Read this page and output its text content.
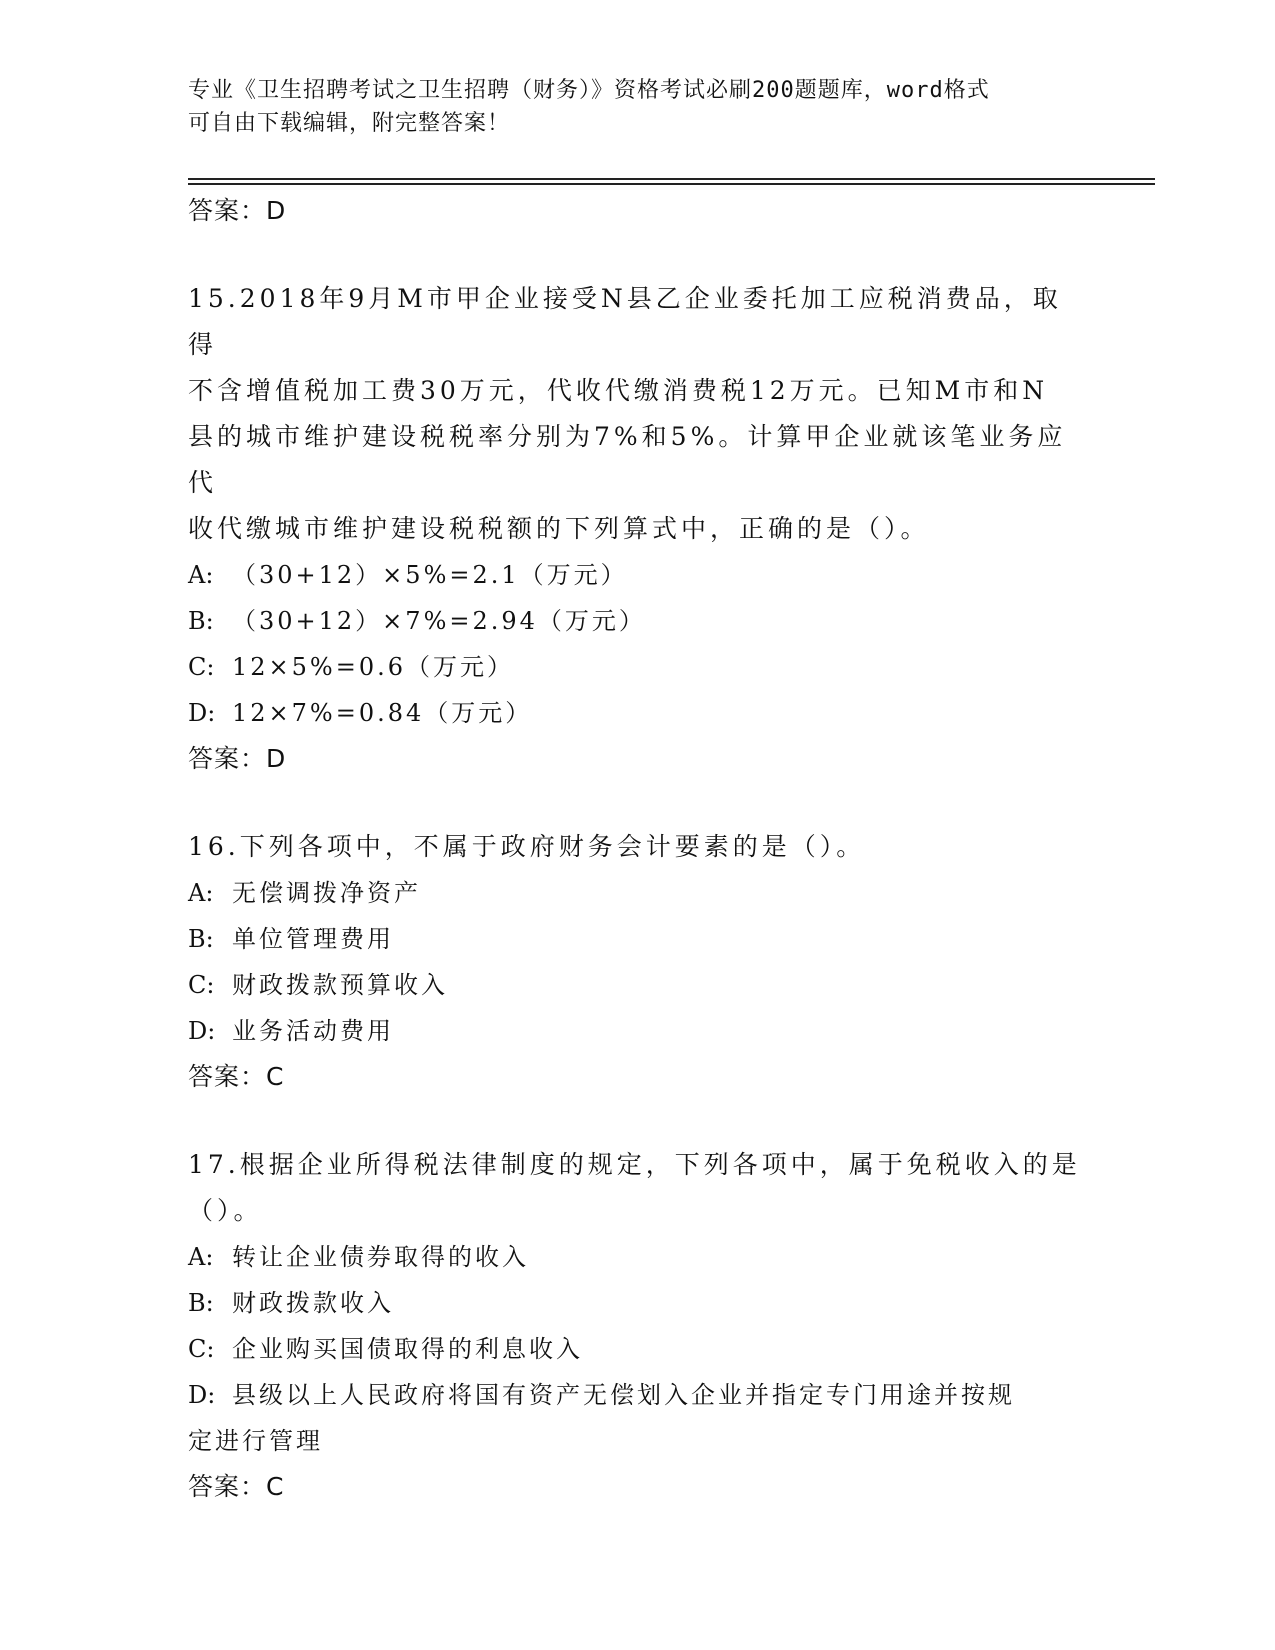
专业《卫生招聘考试之卫生招聘（财务）》资格考试必刷200题题库，word格式
可自由下载编辑，附完整答案！
答案：D

15.2018年9月M市甲企业接受N县乙企业委托加工应税消费品，取得
不含增值税加工费30万元，代收代缴消费税12万元。已知M市和N
县的城市维护建设税税率分别为7%和5%。计算甲企业就该笔业务应代
收代缴城市维护建设税税额的下列算式中，正确的是（）。

A: （30+12）×5%=2.1（万元）

B: （30+12）×7%=2.94（万元）

C: 12×5%=0.6（万元）

D: 12×7%=0.84（万元）

答案：D

16.下列各项中，不属于政府财务会计要素的是（）。

A: 无偿调拨净资产

B: 单位管理费用

C: 财政拨款预算收入

D: 业务活动费用

答案：C

17.根据企业所得税法律制度的规定，下列各项中，属于免税收入的是
（）。

A: 转让企业债券取得的收入

B: 财政拨款收入

C: 企业购买国债取得的利息收入

D: 县级以上人民政府将国有资产无偿划入企业并指定专门用途并按规
定进行管理

答案：C
